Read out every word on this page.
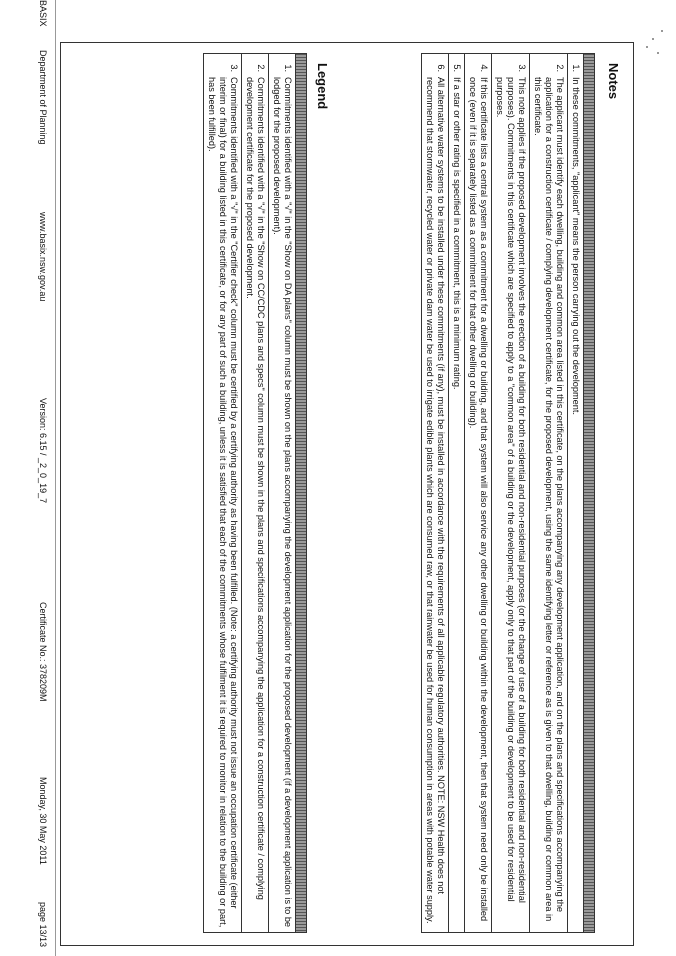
Notes
1.
In these commitments, "applicant" means the person carrying out the development.
2.
The applicant must identify each dwelling, building and common area listed in this certificate, on the plans accompanying any development application, and on the plans and specifications accompanying the application for a construction certificate / complying development certificate, for the proposed development, using the same identifying letter or reference as is given to that dwelling, building or common area in this certificate.
3.
This note applies if the proposed development involves the erection of a building for both residential and non-residential purposes (or the change of use of a building for both residential and non-residential purposes). Commitments in this certificate which are specified to apply to a "common area" of a building or the development, apply only to that part of the building or development to be used for residential purposes.
4.
If this certificate lists a central system as a commitment for a dwelling or building, and that system will also service any other dwelling or building within the development, then that system need only be installed once (even if it is separately listed as a commitment for that other dwelling or building).
5.
If a star or other rating is specified in a commitment, this is a minimum rating.
6.
All alternative water systems to be installed under these commitments (if any), must be installed in accordance with the requirements of all applicable regulatory authorities. NOTE: NSW Health does not recommend that stormwater, recycled water or private dam water be used to irrigate edible plants which are consumed raw, or that rainwater be used for human consumption in areas with potable water supply.
Legend
1.
Commitments identified with a "√" in the "Show on DA plans" column must be shown on the plans accompanying the development application for the proposed development (if a development application is to be lodged for the proposed development).
2.
Commitments identified with a "√" in the "Show on CC/CDC plans and specs" column must be shown in the plans and specifications accompanying the application for a construction certificate / complying development certificate for the proposed development.
3.
Commitments identified with a "√" in the "Certifier check" column must be certified by a certifying authority as having been fulfilled. (Note: a certifying authority must not issue an occupation certificate (either interim or final) for a building listed in this certificate, or for any part of such a building, unless it is satisfied that each of the commitments whose fulfilment it is required to monitor in relation to the building or part, has been fulfilled).
BASIX
Department of Planning
www.basix.nsw.gov.au
Version: 6.15 / _2_0_19_7
Certificate No.: 378209M
Monday, 30 May 2011
page 13/13
